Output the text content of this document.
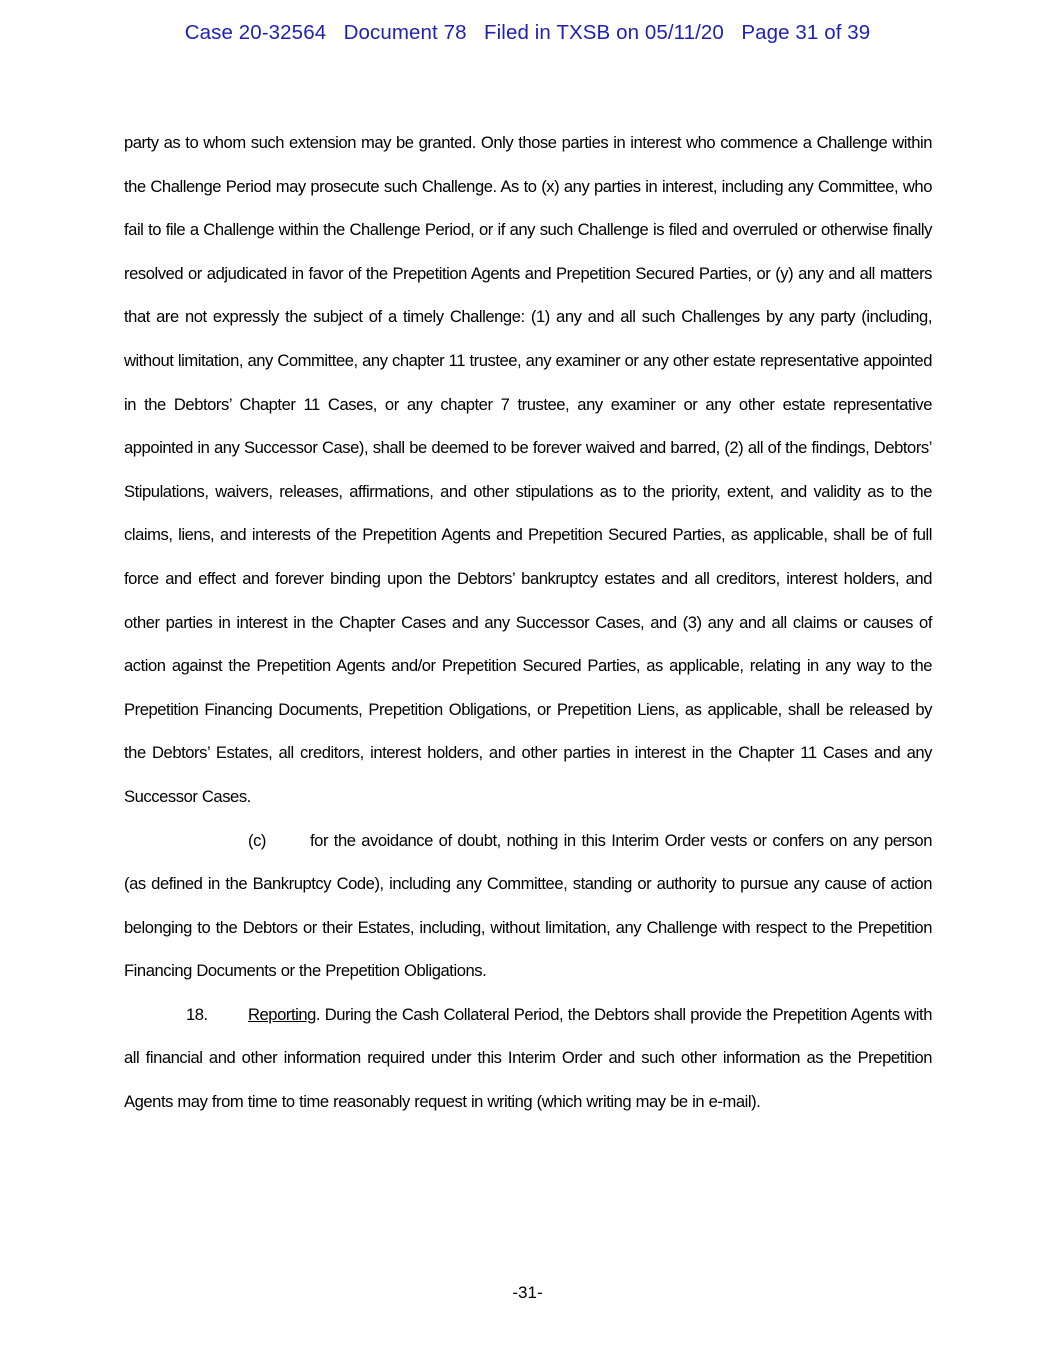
Case 20-32564 Document 78 Filed in TXSB on 05/11/20 Page 31 of 39

party as to whom such extension may be granted. Only those parties in interest who commence a Challenge within the Challenge Period may prosecute such Challenge. As to (x) any parties in interest, including any Committee, who fail to file a Challenge within the Challenge Period, or if any such Challenge is filed and overruled or otherwise finally resolved or adjudicated in favor of the Prepetition Agents and Prepetition Secured Parties, or (y) any and all matters that are not expressly the subject of a timely Challenge: (1) any and all such Challenges by any party (including, without limitation, any Committee, any chapter 11 trustee, any examiner or any other estate representative appointed in the Debtors’ Chapter 11 Cases, or any chapter 7 trustee, any examiner or any other estate representative appointed in any Successor Case), shall be deemed to be forever waived and barred, (2) all of the findings, Debtors’ Stipulations, waivers, releases, affirmations, and other stipulations as to the priority, extent, and validity as to the claims, liens, and interests of the Prepetition Agents and Prepetition Secured Parties, as applicable, shall be of full force and effect and forever binding upon the Debtors’ bankruptcy estates and all creditors, interest holders, and other parties in interest in the Chapter Cases and any Successor Cases, and (3) any and all claims or causes of action against the Prepetition Agents and/or Prepetition Secured Parties, as applicable, relating in any way to the Prepetition Financing Documents, Prepetition Obligations, or Prepetition Liens, as applicable, shall be released by the Debtors’ Estates, all creditors, interest holders, and other parties in interest in the Chapter 11 Cases and any Successor Cases.

(c)	for the avoidance of doubt, nothing in this Interim Order vests or confers on any person (as defined in the Bankruptcy Code), including any Committee, standing or authority to pursue any cause of action belonging to the Debtors or their Estates, including, without limitation, any Challenge with respect to the Prepetition Financing Documents or the Prepetition Obligations.

18. Reporting. During the Cash Collateral Period, the Debtors shall provide the Prepetition Agents with all financial and other information required under this Interim Order and such other information as the Prepetition Agents may from time to time reasonably request in writing (which writing may be in e-mail).

-31-
